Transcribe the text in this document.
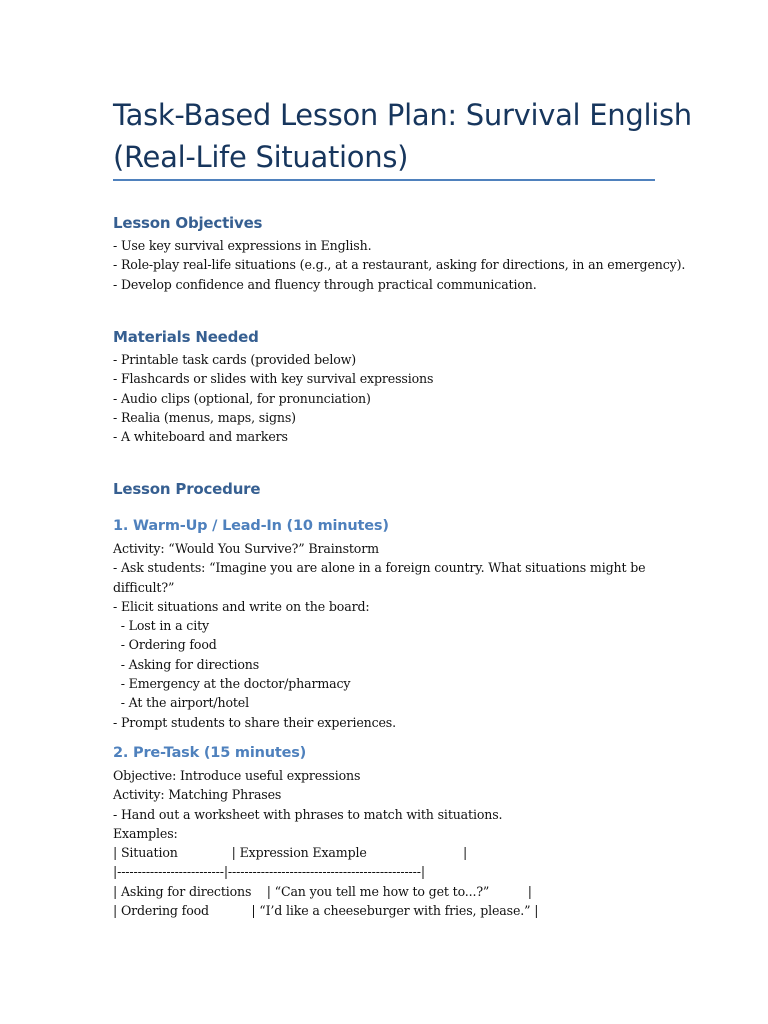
Task-Based Lesson Plan: Survival English
(Real-Life Situations)
Lesson Objectives
- Use key survival expressions in English.
- Role-play real-life situations (e.g., at a restaurant, asking for directions, in an emergency).
- Develop confidence and fluency through practical communication.
Materials Needed
- Printable task cards (provided below)
- Flashcards or slides with key survival expressions
- Audio clips (optional, for pronunciation)
- Realia (menus, maps, signs)
- A whiteboard and markers
Lesson Procedure
1. Warm-Up / Lead-In (10 minutes)
Activity: “Would You Survive?” Brainstorm
- Ask students: “Imagine you are alone in a foreign country. What situations might be
difficult?”
- Elicit situations and write on the board:
- Lost in a city
- Ordering food
- Asking for directions
- Emergency at the doctor/pharmacy
- At the airport/hotel
- Prompt students to share their experiences.
2. Pre-Task (15 minutes)
Objective: Introduce useful expressions
Activity: Matching Phrases
- Hand out a worksheet with phrases to match with situations.
Examples:
| Situation              | Expression Example                         |
|--------------------------|-----------------------------------------------|
| Asking for directions    | “Can you tell me how to get to...?”          |
| Ordering food           | “I’d like a cheeseburger with fries, please.” |
